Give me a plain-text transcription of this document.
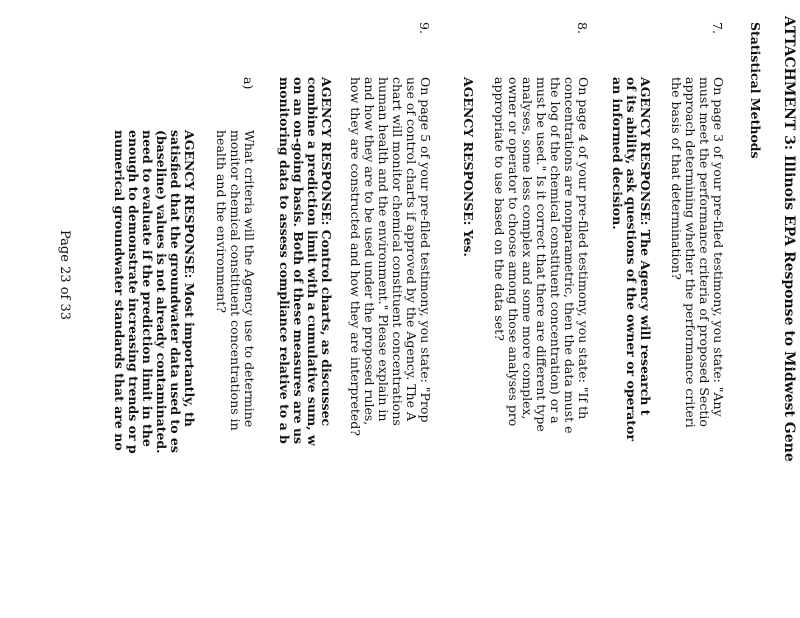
ATTACHMENT 3: Illinois EPA Response to Midwest Gene
Statistical Methods
7.
On page 3 of your pre-filed testimony, you state: "Any
must meet the performance criteria of proposed Sectio
approach determining whether the performance criteri
the basis of that determination?
AGENCY RESPONSE: The Agency will research t
of its ability, ask questions of the owner or operator
an informed decision.
8.
On page 4 of your pre-filed testimony, you state: "If th
concentrations are nonparametric, then the data must e
the log of the chemical constituent concentration) or a
must be used." Is it correct that there are different type
analyses, some less complex and some more complex,
owner or operator to choose among those analyses pro
appropriate to use based on the data set?
AGENCY RESPONSE: Yes.
9.
On page 5 of your pre-filed testimony, you state: "Prop
use of control charts if approved by the Agency. The A
chart will monitor chemical constituent concentrations
human health and the environment." Please explain in
and how they are to be used under the proposed rules,
how they are constructed and how they are interpreted?
AGENCY RESPONSE: Control charts, as discussec
combine a prediction limit with a cumulative sum, w
on an on-going basis. Both of these measures are us
monitoring data to assess compliance relative to a b
a)
What criteria will the Agency use to determine
monitor chemical constituent concentrations in
health and the environment?
AGENCY RESPONSE: Most importantly, th
satisfied that the groundwater data used to es
(baseline) values is not already contaminated.
need to evaluate if the prediction limit in the
enough to demonstrate increasing trends or p
numerical groundwater standards that are no
Page 23 of 33
